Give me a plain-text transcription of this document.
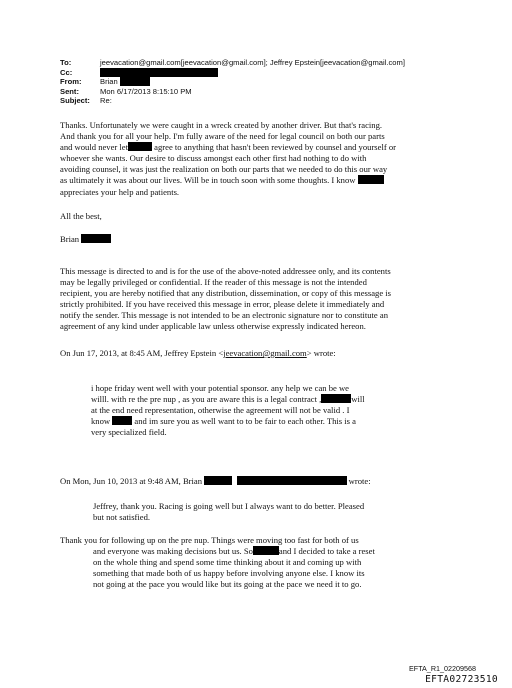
To:	jeevacation@gmail.com[jeevacation@gmail.com]; Jeffrey Epstein[jeevacation@gmail.com]
Cc:
From:	Brian

Sent:	Mon 6/17/2013 8:15:10 PM
Subject:	Re:
Thanks. Unfortunately we were caught in a wreck created by another driver. But that's racing.
And thank you for all your help. I'm fully aware of the need for legal council on both our parts
and would never let	agree to anything that hasn't been reviewed by counsel and yourself or
whoever she wants. Our desire to discuss amongst each other first had nothing to do with
avoiding counsel, it was just the realization on both our parts that we needed to do this our way
as ultimately it was about our lives. Will be in touch soon with some thoughts. I know
appreciates your help and patients.
All the best,
Brian
This message is directed to and is for the use of the above-noted addressee only, and its contents
may be legally privileged or confidential. If the reader of this message is not the intended
recipient, you are hereby notified that any distribution, dissemination, or copy of this message is
strictly prohibited. If you have received this message in error, please delete it immediately and
notify the sender. This message is not intended to be an electronic signature nor to constitute an
agreement of any kind under applicable law unless otherwise expressly indicated hereon.
On Jun 17, 2013, at 8:45 AM, Jeffrey Epstein <jeevacation@gmail.com> wrote:
i hope friday went well with your potential sponsor. any help we can be we
willl. with re the pre nup , as you are aware this is a legal contract ,	will
at the end need representation, otherwise the agreement will not be valid . I
know	and im sure you as well want to to be fair to each other. This is a
very specialized field.
On Mon, Jun 10, 2013 at 9:48 AM, Brian	wrote:
Jeffrey, thank you. Racing is going well but I always want to do better. Pleased
but not satisfied.
Thank you for following up on the pre nup. Things were moving too fast for both of us
and everyone was making decisions but us. So	and I decided to take a reset
on the whole thing and spend some time thinking about it and coming up with
something that made both of us happy before involving anyone else. I know its
not going at the pace you would like but its going at the pace we need it to go.
EFTA_R1_02209568
EFTA02723510
